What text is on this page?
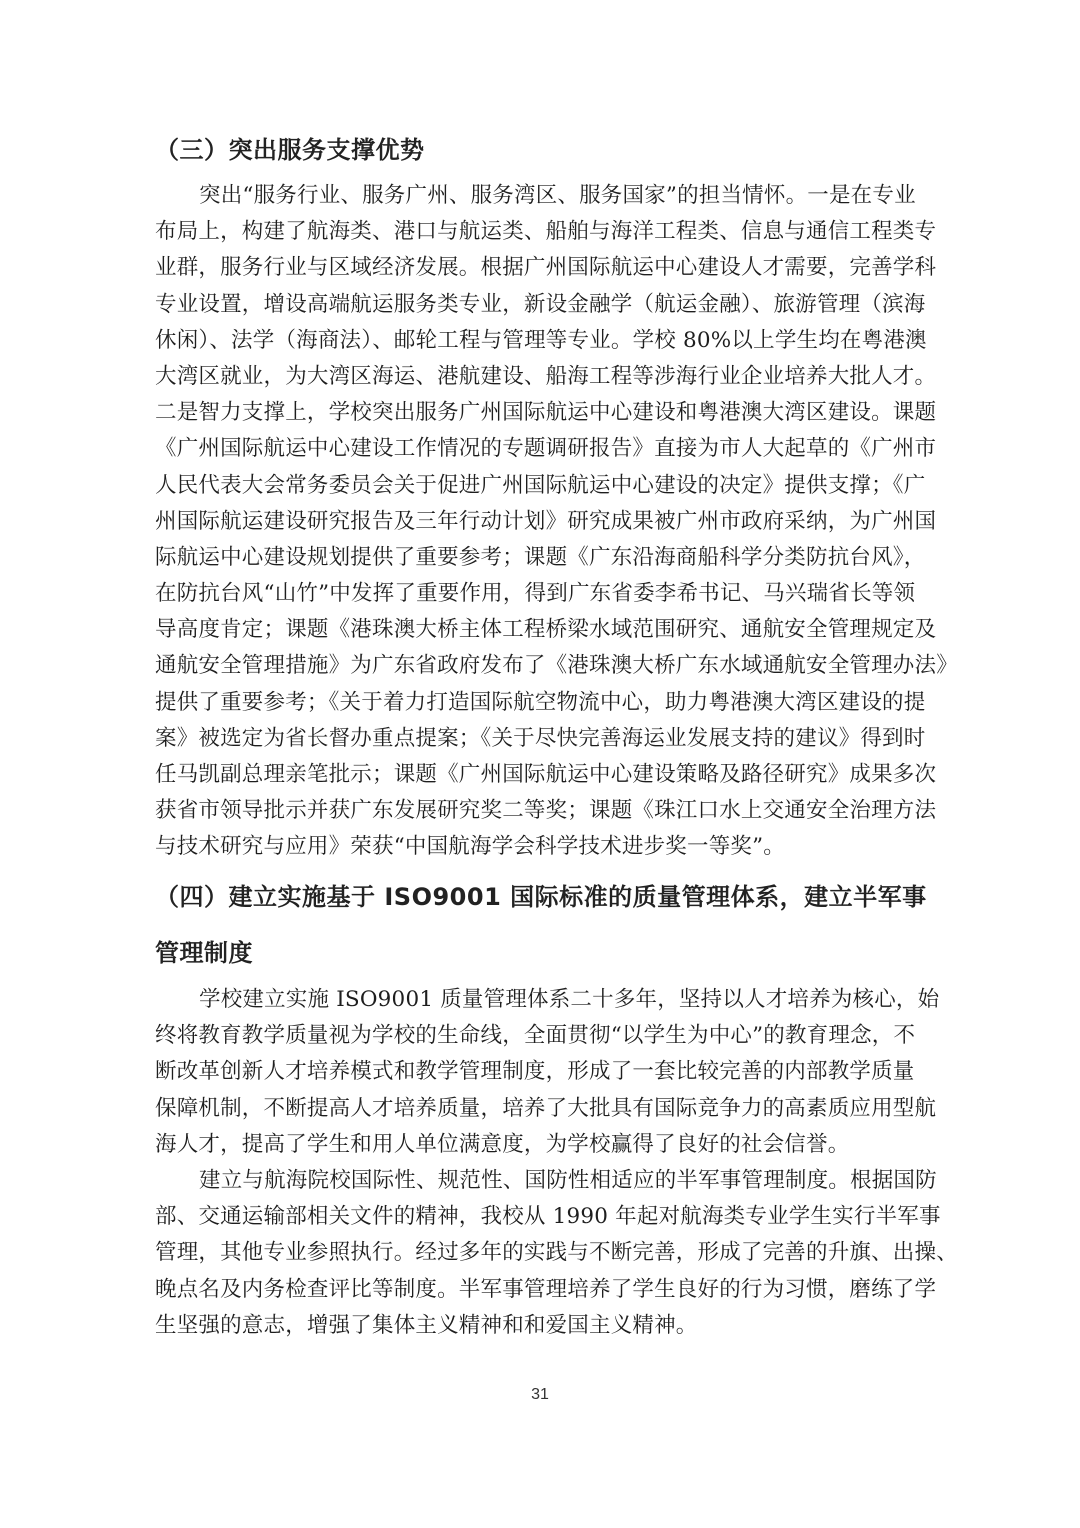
（三）突出服务支撑优势
突出“服务行业、服务广州、服务湾区、服务国家”的担当情怀。一是在专业
布局上，构建了航海类、港口与航运类、船舶与海洋工程类、信息与通信工程类专
业群，服务行业与区域经济发展。根据广州国际航运中心建设人才需要，完善学科
专业设置，增设高端航运服务类专业，新设金融学（航运金融）、旅游管理（滨海
休闲）、法学（海商法）、邮轮工程与管理等专业。学校 80%以上学生均在粤港澳
大湾区就业，为大湾区海运、港航建设、船海工程等涉海行业企业培养大批人才。
二是智力支撑上，学校突出服务广州国际航运中心建设和粤港澳大湾区建设。课题
《广州国际航运中心建设工作情况的专题调研报告》直接为市人大起草的《广州市
人民代表大会常务委员会关于促进广州国际航运中心建设的决定》提供支撑；《广
州国际航运建设研究报告及三年行动计划》研究成果被广州市政府采纳，为广州国
际航运中心建设规划提供了重要参考；课题《广东沿海商船科学分类防抗台风》，
在防抗台风“山竹”中发挥了重要作用，得到广东省委李希书记、马兴瑞省长等领
导高度肯定；课题《港珠澳大桥主体工程桥梁水域范围研究、通航安全管理规定及
通航安全管理措施》为广东省政府发布了《港珠澳大桥广东水域通航安全管理办法》
提供了重要参考；《关于着力打造国际航空物流中心，助力粤港澳大湾区建设的提
案》被选定为省长督办重点提案；《关于尽快完善海运业发展支持的建议》得到时
任马凯副总理亲笔批示；课题《广州国际航运中心建设策略及路径研究》成果多次
获省市领导批示并获广东发展研究奖二等奖；课题《珠江口水上交通安全治理方法
与技术研究与应用》荣获“中国航海学会科学技术进步奖一等奖”。
（四）建立实施基于 ISO9001 国际标准的质量管理体系，建立半军事
管理制度
学校建立实施 ISO9001 质量管理体系二十多年，坚持以人才培养为核心，始
终将教育教学质量视为学校的生命线，全面贯彻“以学生为中心”的教育理念，不
断改革创新人才培养模式和教学管理制度，形成了一套比较完善的内部教学质量
保障机制，不断提高人才培养质量，培养了大批具有国际竞争力的高素质应用型航
海人才，提高了学生和用人单位满意度，为学校赢得了良好的社会信誉。
建立与航海院校国际性、规范性、国防性相适应的半军事管理制度。根据国防
部、交通运输部相关文件的精神，我校从 1990 年起对航海类专业学生实行半军事
管理，其他专业参照执行。经过多年的实践与不断完善，形成了完善的升旗、出操、
晚点名及内务检查评比等制度。半军事管理培养了学生良好的行为习惯，磨练了学
生坚强的意志，增强了集体主义精神和和爱国主义精神。
31
